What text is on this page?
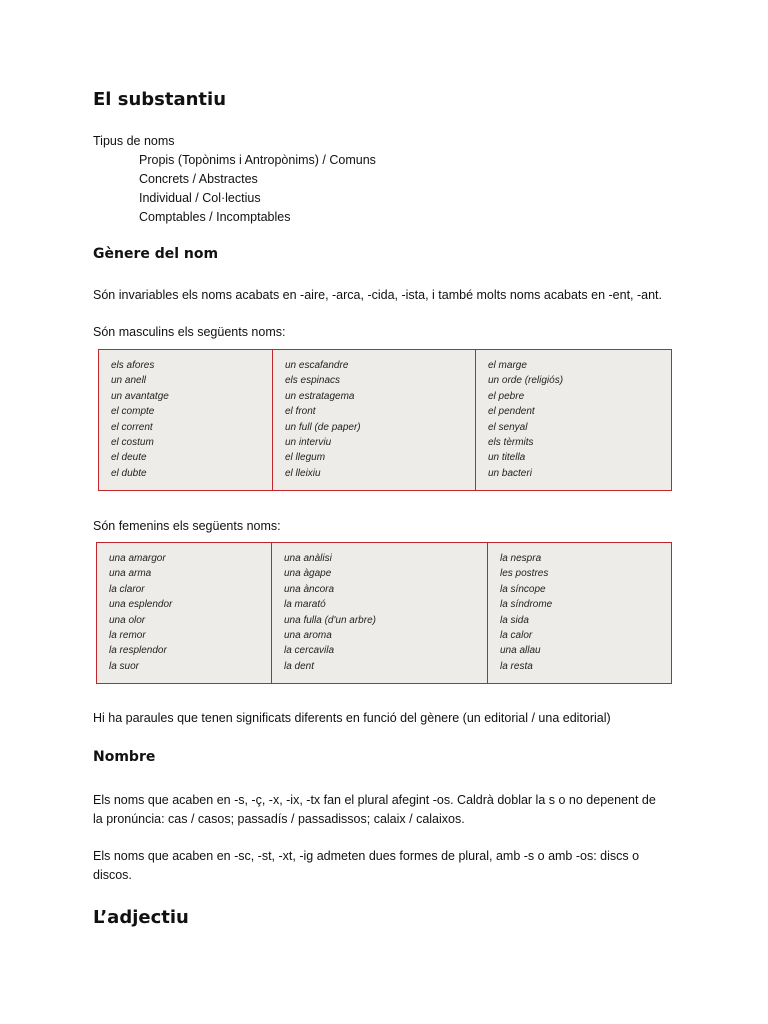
El substantiu

Tipus de noms

Propis (Topònims i Antropònims) / Comuns

Concrets / Abstractes

Individual / Col·lectius

Comptables / Incomptables

Gènere del nom

Són invariables els noms acabats en -aire, -arca, -cida, -ista, i també molts noms acabats en -ent, -ant.

Són masculins els següents noms:

els afores
un anell
un avantatge
el compte
el corrent
el costum
el deute
el dubte
un escafandre
els espinacs
un estratagema
el front
un full (de paper)
un interviu
el llegum
el lleixiu
el marge
un orde (religiós)
el pebre
el pendent
el senyal
els tèrmits
un titella
un bacteri

Són femenins els següents noms:

una amargor
una arma
la claror
una esplendor
una olor
la remor
la resplendor
la suor
una anàlisi
una àgape
una àncora
la marató
una fulla (d'un arbre)
una aroma
la cercavila
la dent
la nespra
les postres
la síncope
la síndrome
la sida
la calor
una allau
la resta

Hi ha paraules que tenen significats diferents en funció del gènere (un editorial / una editorial)

Nombre

Els noms que acaben en -s, -ç, -x, -ix, -tx fan el plural afegint -os. Caldrà doblar la s o no depenent de

la pronúncia: cas / casos; passadís / passadissos; calaix / calaixos.

Els noms que acaben en -sc, -st, -xt, -ig admeten dues formes de plural, amb -s o amb -os: discs o

discos.

L’adjectiu
